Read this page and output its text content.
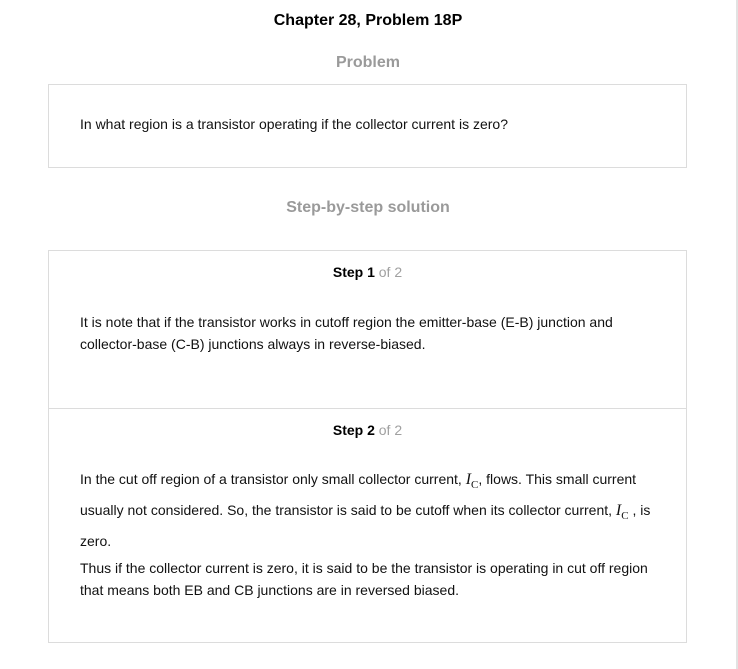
Chapter 28, Problem 18P
Problem
In what region is a transistor operating if the collector current is zero?
Step-by-step solution
Step 1 of 2
It is note that if the transistor works in cutoff region the emitter-base (E-B) junction and collector-base (C-B) junctions always in reverse-biased.
Step 2 of 2
In the cut off region of a transistor only small collector current, $I_C$, flows. This small current usually not considered. So, the transistor is said to be cutoff when its collector current, $I_C$ , is zero.
Thus if the collector current is zero, it is said to be the transistor is operating in cut off region that means both EB and CB junctions are in reversed biased.
